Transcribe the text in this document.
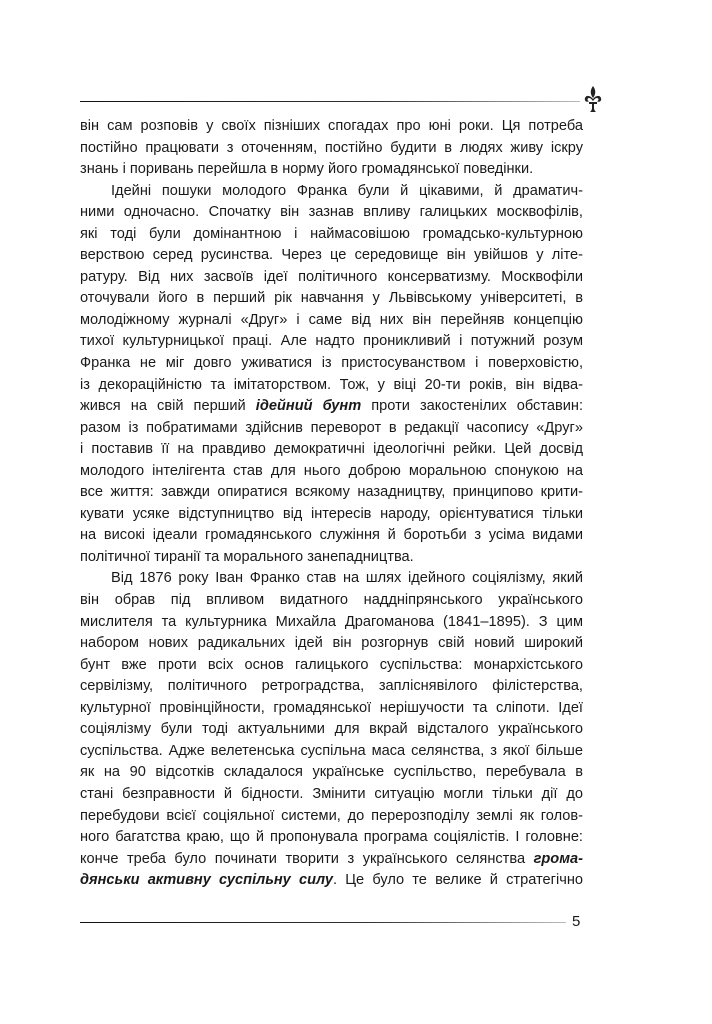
він сам розповів у своїх пізніших спогадах про юні роки. Ця потреба
постійно працювати з оточенням, постійно будити в людях живу іскру
знань і поривань перейшла в норму його громадянської поведінки.
Ідейні пошуки молодого Франка були й цікавими, й драматич-
ними одночасно. Спочатку він зазнав впливу галицьких москвофілів,
які тоді були домінантною і наймасовішою громадсько-культурною
верствою серед русинства. Через це середовище він увійшов у літе-
ратуру. Від них засвоїв ідеї політичного консерватизму. Москвофіли
оточували його в перший рік навчання у Львівському університеті, в
молодіжному журналі «Друг» і саме від них він перейняв концепцію
тихої культурницької праці. Але надто проникливий і потужний розум
Франка не міг довго уживатися із пристосуванством і поверховістю,
із декораційністю та імітаторством. Тож, у віці 20-ти років, він відва-
жився на свій перший ідейний бунт проти закостенілих обставин:
разом із побратимами здійснив переворот в редакції часопису «Друг»
і поставив її на правдиво демократичні ідеологічні рейки. Цей досвід
молодого інтелігента став для нього доброю моральною спонукою на
все життя: завжди опиратися всякому назадництву, принципово крити-
кувати усяке відступництво від інтересів народу, орієнтуватися тільки
на високі ідеали громадянського служіння й боротьби з усіма видами
політичної тиранії та морального занепадництва.
Від 1876 року Іван Франко став на шлях ідейного соціялізму, який
він обрав під впливом видатного наддніпрянського українського
мислителя та культурника Михайла Драгоманова (1841–1895). З цим
набором нових радикальних ідей він розгорнув свій новий широкий
бунт вже проти всіх основ галицького суспільства: монархістського
сервілізму, політичного ретроградства, запліснявілого філістерства,
культурної провінційности, громадянської нерішучости та сліпоти. Ідеї
соціялізму були тоді актуальними для вкрай відсталого українського
суспільства. Адже велетенська суспільна маса селянства, з якої більше
як на 90 відсотків складалося українське суспільство, перебувала в
стані безправности й бідности. Змінити ситуацію могли тільки дії до
перебудови всієї соціяльної системи, до перерозподілу землі як голов-
ного багатства краю, що й пропонувала програма соціялістів. І головне:
конче треба було починати творити з українського селянства грома-
дянськи активну суспільну силу. Це було те велике й стратегічно
5
